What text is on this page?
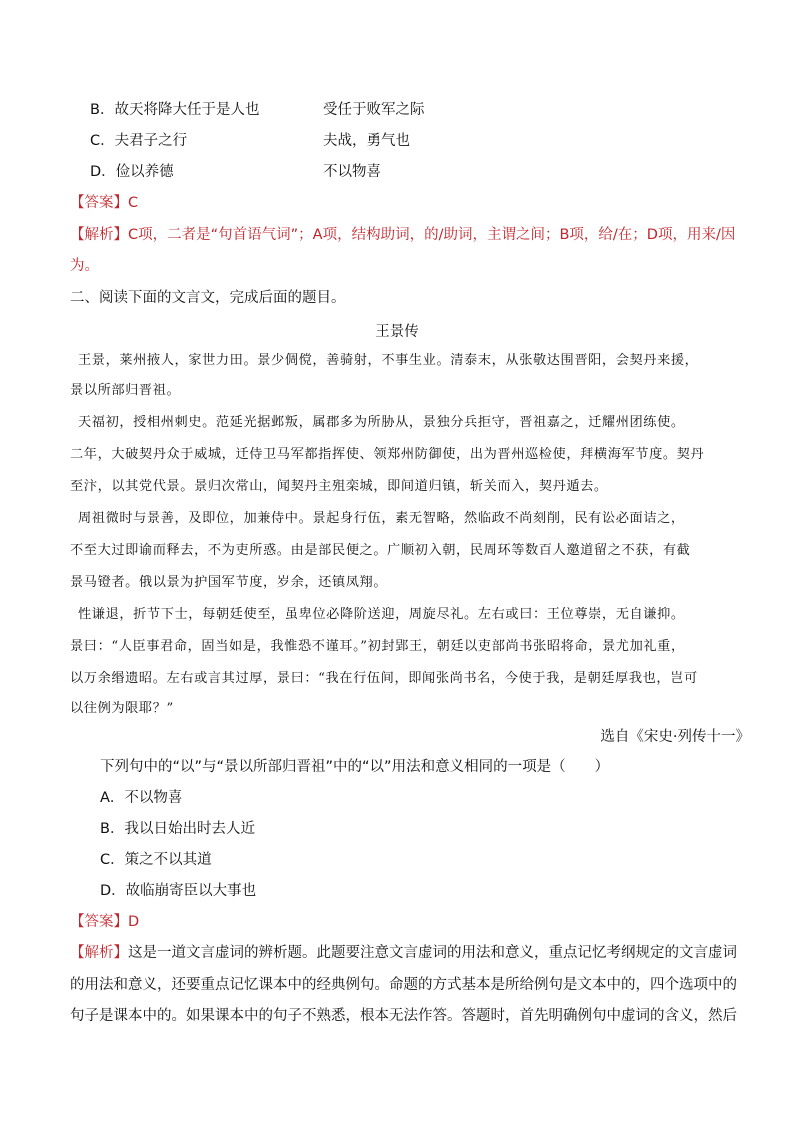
B．故天将降大任于是人也	受任于败军之际
C．夫君子之行	夫战，勇气也
D．俭以养德	不以物喜
【答案】C
【解析】C项，二者是“句首语气词”；A项，结构助词，的/助词，主谓之间；B项，给/在；D项，用来/因
为。
二、阅读下面的文言文，完成后面的题目。
王景传
王景，莱州掖人，家世力田。景少倜傥，善骑射，不事生业。清泰末，从张敬达围晋阳，会契丹来援，
景以所部归晋祖。
天福初，授相州刺史。范延光据邺叛，属郡多为所胁从，景独分兵拒守，晋祖嘉之，迁耀州团练使。
二年，大破契丹众于威城，迁侍卫马军都指挥使、领郑州防御使，出为晋州巡检使，拜横海军节度。契丹
至汴，以其党代景。景归次常山，闻契丹主殂栾城，即间道归镇，斩关而入，契丹遁去。
周祖微时与景善，及即位，加兼侍中。景起身行伍，素无智略，然临政不尚刻削，民有讼必面诘之，
不至大过即谕而释去，不为吏所惑。由是部民便之。广顺初入朝，民周环等数百人邀道留之不获，有截
景马镫者。俄以景为护国军节度，岁余，还镇凤翔。
性谦退，折节下士，每朝廷使至，虽卑位必降阶送迎，周旋尽礼。左右或曰：王位尊崇，无自谦抑。
景曰：“人臣事君命，固当如是，我惟恐不谨耳。”初封郢王，朝廷以吏部尚书张昭将命，景尤加礼重，
以万余缗遗昭。左右或言其过厚，景曰：“我在行伍间，即闻张尚书名，今使于我，是朝廷厚我也，岂可
以往例为限耶？”
选自《宋史·列传十一》
下列句中的“以”与“景以所部归晋祖”中的“以”用法和意义相同的一项是（　　）
A．不以物喜
B．我以日始出时去人近
C．策之不以其道
D．故临崩寄臣以大事也
【答案】D
【解析】这是一道文言虚词的辨析题。此题要注意文言虚词的用法和意义，重点记忆考纲规定的文言虚词
的用法和意义，还要重点记忆课本中的经典例句。命题的方式基本是所给例句是文本中的，四个选项中的
句子是课本中的。如果课本中的句子不熟悉，根本无法作答。答题时，首先明确例句中虚词的含义，然后
